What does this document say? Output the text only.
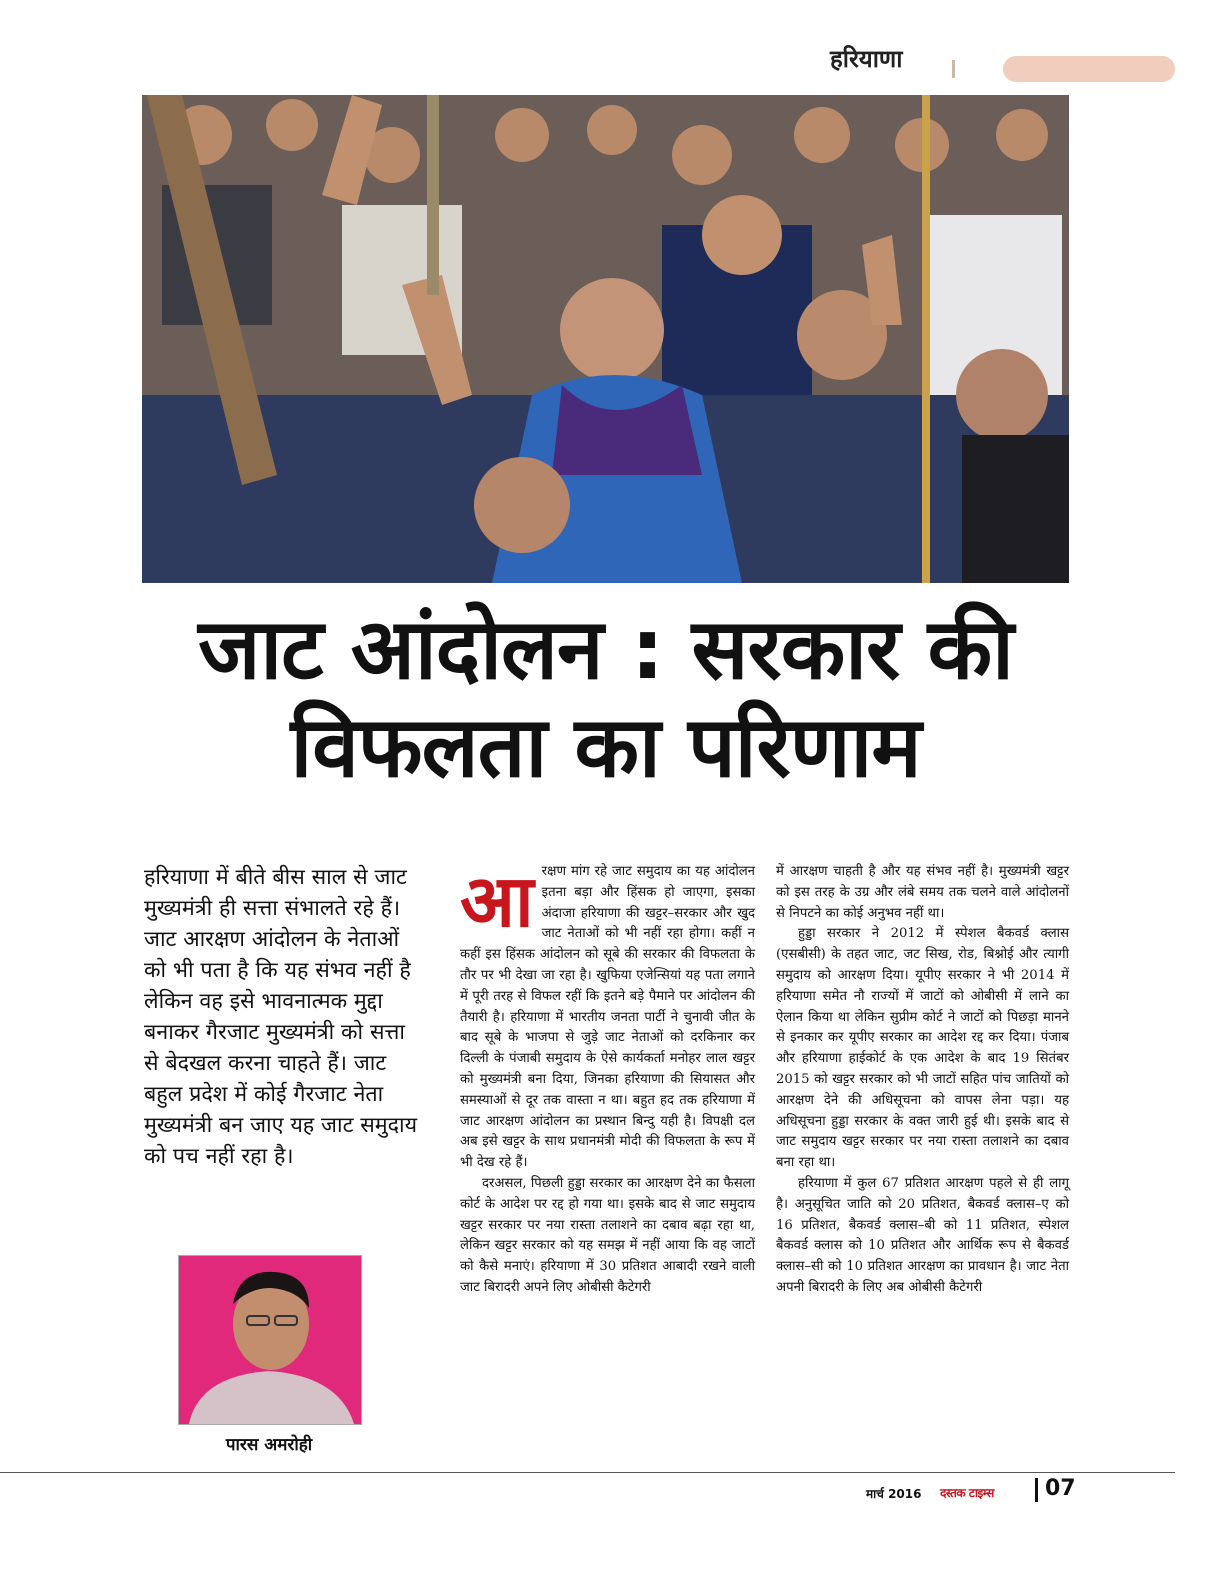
हरियाणा
जाट आंदोलन : सरकार की
विफलता का परिणाम
हरियाणा में बीते बीस साल से जाट मुख्यमंत्री ही सत्ता संभालते रहे हैं। जाट आरक्षण आंदोलन के नेताओं को भी पता है कि यह संभव नहीं है लेकिन वह इसे भावनात्मक मुद्दा बनाकर गैरजाट मुख्यमंत्री को सत्ता से बेदखल करना चाहते हैं। जाट बहुल प्रदेश में कोई गैरजाट नेता मुख्यमंत्री बन जाए यह जाट समुदाय को पच नहीं रहा है।
पारस अमरोही
आ रक्षण मांग रहे जाट समुदाय का यह आंदोलन इतना बड़ा और हिंसक हो जाएगा, इसका अंदाजा हरियाणा की खट्टर–सरकार और खुद जाट नेताओं को भी नहीं रहा होगा। कहीं न कहीं इस हिंसक आंदोलन को सूबे की सरकार की विफलता के तौर पर भी देखा जा रहा है। खुफिया एजेन्सियां यह पता लगाने में पूरी तरह से विफल रहीं कि इतने बड़े पैमाने पर आंदोलन की तैयारी है। हरियाणा में भारतीय जनता पार्टी ने चुनावी जीत के बाद सूबे के भाजपा से जुड़े जाट नेताओं को दरकिनार कर दिल्ली के पंजाबी समुदाय के ऐसे कार्यकर्ता मनोहर लाल खट्टर को मुख्यमंत्री बना दिया, जिनका हरियाणा की सियासत और समस्याओं से दूर तक वास्ता न था। बहुत हद तक हरियाणा में जाट आरक्षण आंदोलन का प्रस्थान बिन्दु यही है। विपक्षी दल अब इसे खट्टर के साथ प्रधानमंत्री मोदी की विफलता के रूप में भी देख रहे हैं।

दरअसल, पिछली हुड्डा सरकार का आरक्षण देने का फैसला कोर्ट के आदेश पर रद्द हो गया था। इसके बाद से जाट समुदाय खट्टर सरकार पर नया रास्ता तलाशने का दबाव बढ़ा रहा था, लेकिन खट्टर सरकार को यह समझ में नहीं आया कि वह जाटों को कैसे मनाएं। हरियाणा में 30 प्रतिशत आबादी रखने वाली जाट बिरादरी अपने लिए ओबीसी कैटेगरी

में आरक्षण चाहती है और यह संभव नहीं है। मुख्यमंत्री खट्टर को इस तरह के उग्र और लंबे समय तक चलने वाले आंदोलनों से निपटने का कोई अनुभव नहीं था।

हुड्डा सरकार ने 2012 में स्पेशल बैकवर्ड क्लास (एसबीसी) के तहत जाट, जट सिख, रोड, बिश्नोई और त्यागी समुदाय को आरक्षण दिया। यूपीए सरकार ने भी 2014 में हरियाणा समेत नौ राज्यों में जाटों को ओबीसी में लाने का ऐलान किया था लेकिन सुप्रीम कोर्ट ने जाटों को पिछड़ा मानने से इनकार कर यूपीए सरकार का आदेश रद्द कर दिया। पंजाब और हरियाणा हाईकोर्ट के एक आदेश के बाद 19 सितंबर 2015 को खट्टर सरकार को भी जाटों सहित पांच जातियों को आरक्षण देने की अधिसूचना को वापस लेना पड़ा। यह अधिसूचना हुड्डा सरकार के वक्त जारी हुई थी। इसके बाद से जाट समुदाय खट्टर सरकार पर नया रास्ता तलाशने का दबाव बना रहा था।

हरियाणा में कुल 67 प्रतिशत आरक्षण पहले से ही लागू है। अनुसूचित जाति को 20 प्रतिशत, बैकवर्ड क्लास–ए को 16 प्रतिशत, बैकवर्ड क्लास–बी को 11 प्रतिशत, स्पेशल बैकवर्ड क्लास को 10 प्रतिशत और आर्थिक रूप से बैकवर्ड क्लास–सी को 10 प्रतिशत आरक्षण का प्रावधान है। जाट नेता अपनी बिरादरी के लिए अब ओबीसी कैटेगरी

मार्च 2016 दस्तक टाइम्स 07
